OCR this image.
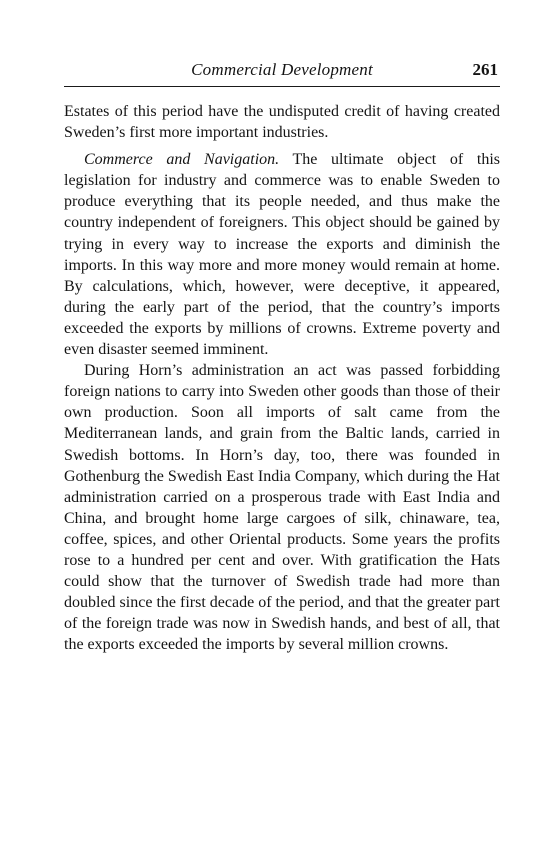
Commercial Development	261

Estates of this period have the undisputed credit of having created Sweden’s first more important industries.

Commerce and Navigation. The ultimate object of this legislation for industry and commerce was to enable Sweden to produce everything that its people needed, and thus make the country independent of foreigners. This object should be gained by trying in every way to increase the exports and diminish the imports. In this way more and more money would remain at home. By calculations, which, however, were deceptive, it appeared, during the early part of the period, that the country’s imports exceeded the exports by millions of crowns. Extreme poverty and even disaster seemed imminent.

During Horn’s administration an act was passed forbidding foreign nations to carry into Sweden other goods than those of their own production. Soon all imports of salt came from the Mediterranean lands, and grain from the Baltic lands, carried in Swedish bottoms. In Horn’s day, too, there was founded in Gothenburg the Swedish East India Company, which during the Hat administration carried on a prosperous trade with East India and China, and brought home large cargoes of silk, chinaware, tea, coffee, spices, and other Oriental products. Some years the profits rose to a hundred per cent and over. With gratification the Hats could show that the turnover of Swedish trade had more than doubled since the first decade of the period, and that the greater part of the foreign trade was now in Swedish hands, and best of all, that the exports exceeded the imports by several million crowns.
